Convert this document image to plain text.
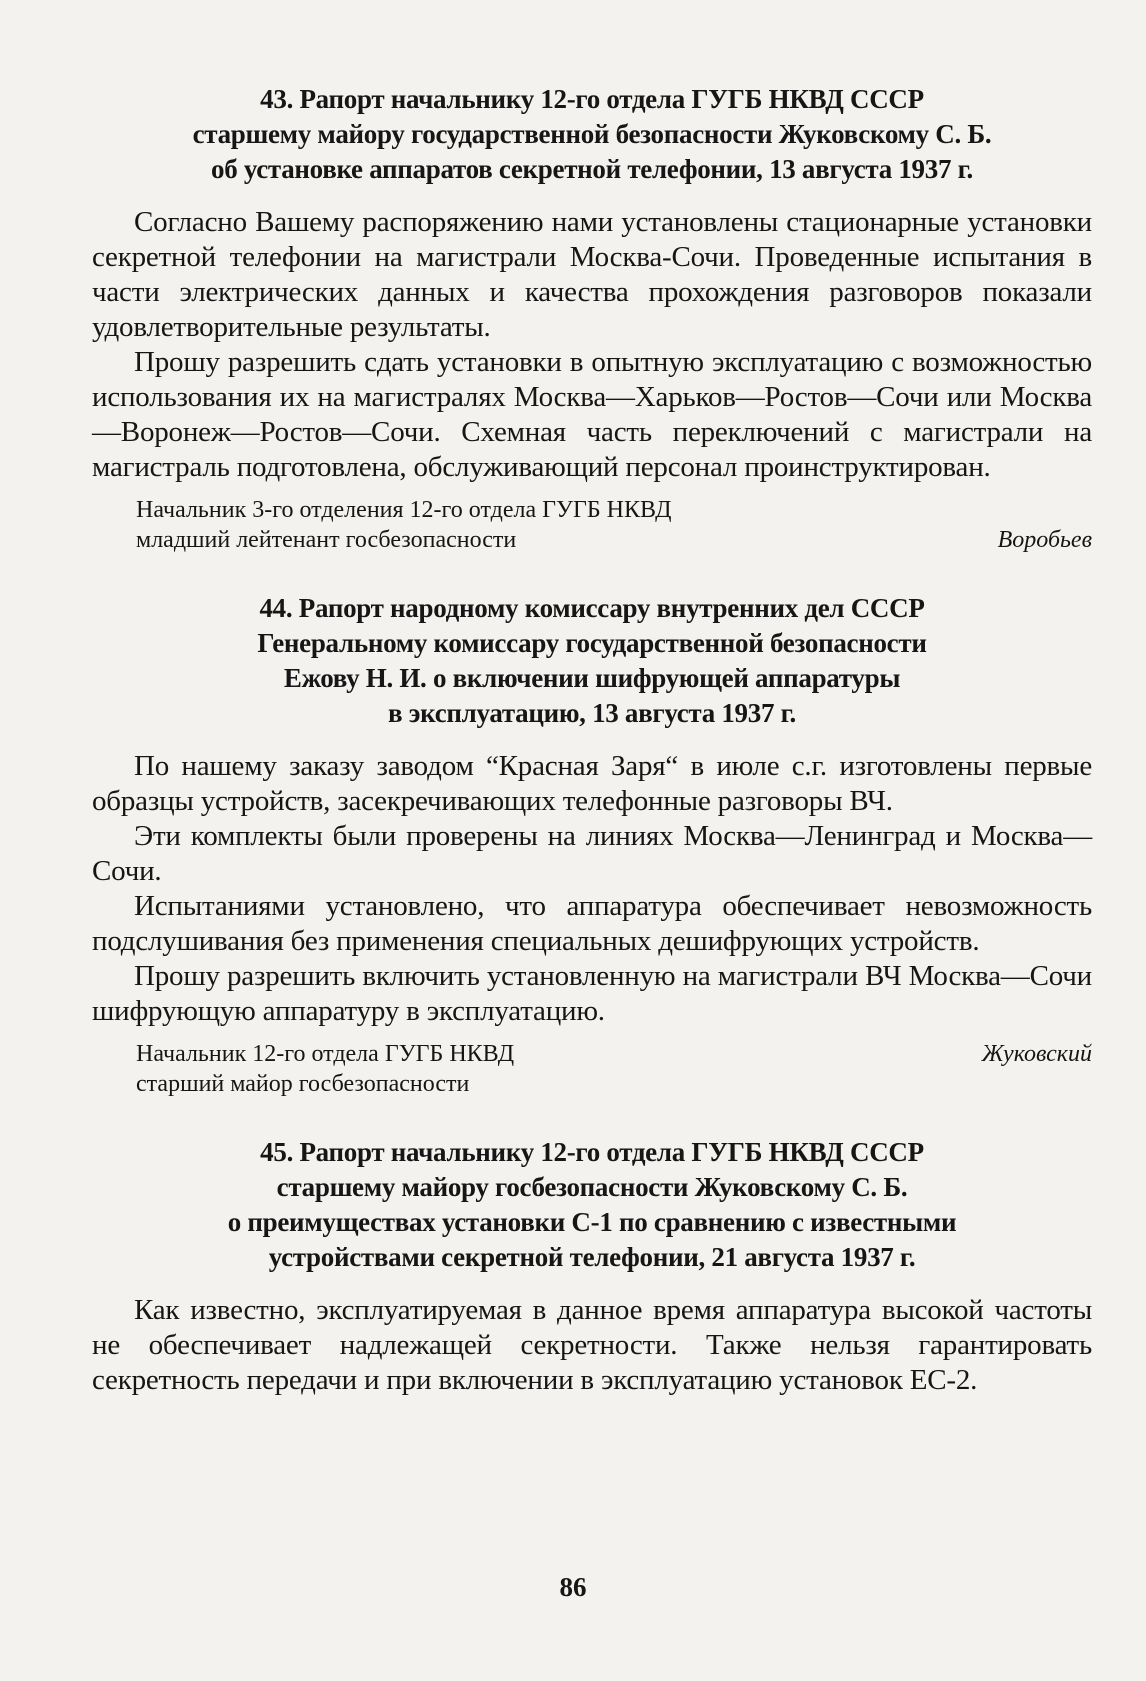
43. Рапорт начальнику 12-го отдела ГУГБ НКВД СССР
старшему майору государственной безопасности Жуковскому С. Б.
об установке аппаратов секретной телефонии, 13 августа 1937 г.

Согласно Вашему распоряжению нами установлены стационарные установки секретной телефонии на магистрали Москва-Сочи. Проведенные испытания в части электрических данных и качества прохождения разговоров показали удовлетворительные результаты.

Прошу разрешить сдать установки в опытную эксплуатацию с возможностью использования их на магистралях Москва—Харьков—Ростов—Сочи или Москва—Воронеж—Ростов—Сочи. Схемная часть переключений с магистрали на магистраль подготовлена, обслуживающий персонал проинструктирован.

Начальник 3-го отделения 12-го отдела ГУГБ НКВД
младший лейтенант госбезопасности	Воробьев
44. Рапорт народному комиссару внутренних дел СССР
Генеральному комиссару государственной безопасности
Ежову Н. И. о включении шифрующей аппаратуры
в эксплуатацию, 13 августа 1937 г.

По нашему заказу заводом “Красная Заря“ в июле с.г. изготовлены первые образцы устройств, засекречивающих телефонные разговоры ВЧ.

Эти комплекты были проверены на линиях Москва—Ленинград и Москва—Сочи.

Испытаниями установлено, что аппаратура обеспечивает невозможность подслушивания без применения специальных дешифрующих устройств.

Прошу разрешить включить установленную на магистрали ВЧ Москва—Сочи шифрующую аппаратуру в эксплуатацию.

Начальник 12-го отдела ГУГБ НКВД	Жуковский
старший майор госбезопасности
45. Рапорт начальнику 12-го отдела ГУГБ НКВД СССР
старшему майору госбезопасности Жуковскому С. Б.
о преимуществах установки С-1 по сравнению с известными
устройствами секретной телефонии, 21 августа 1937 г.

Как известно, эксплуатируемая в данное время аппаратура высокой частоты не обеспечивает надлежащей секретности. Также нельзя гарантировать секретность передачи и при включении в эксплуатацию установок ЕС-2.

86
